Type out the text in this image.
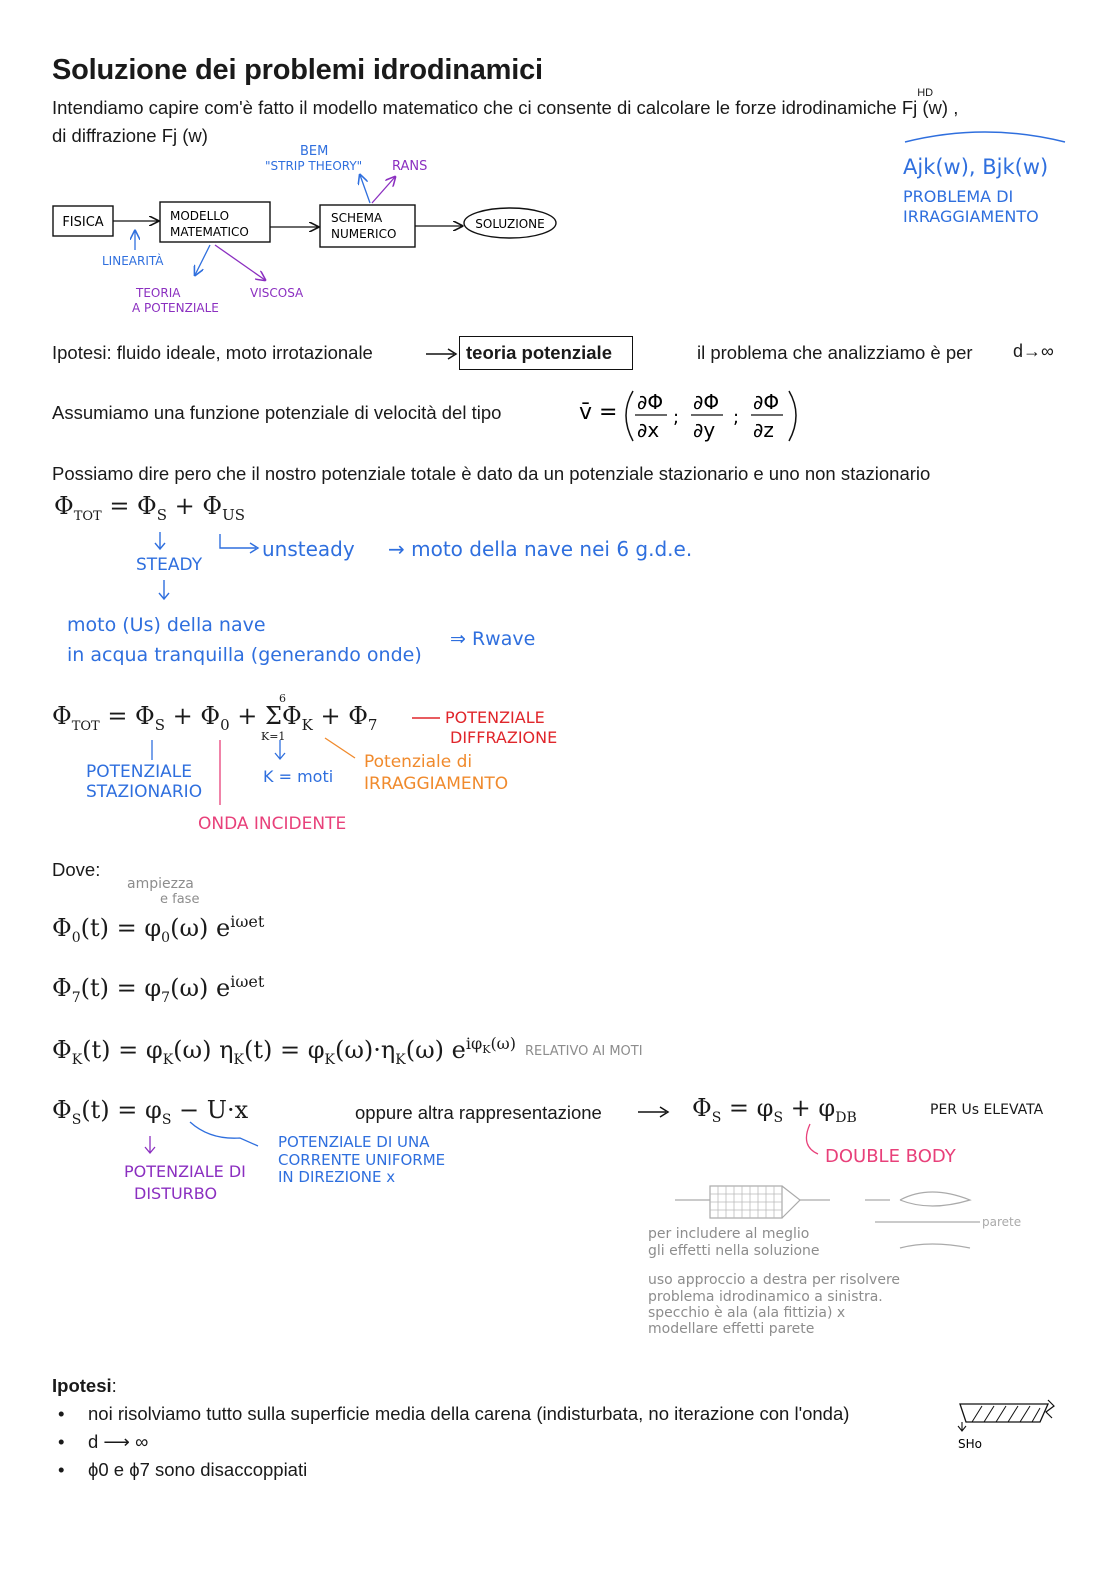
Soluzione dei problemi idrodinamici
Intendiamo capire com'è fatto il modello matematico che ci consente di calcolare le forze idrodinamiche Fj
HD
(w) ,
di diffrazione Fj (w)
Ajk(w), Bjk(w)
PROBLEMA DI
IRRAGGIAMENTO
FISICA	MODELLO
MATEMATICO
SCHEMA
NUMERICO
SOLUZIONE
BEM
"STRIP THEORY" RANS
LINEARITÀ
TEORIA
A POTENZIALE
VISCOSA
Ipotesi: fluido ideale, moto irrotazionale	teoria potenziale	il problema che analizziamo è per d→∞
Assumiamo una funzione potenziale di velocità del tipo	v̄ = ∂Φ
∂x
;
∂Φ
∂y
;
∂Φ
∂z
Possiamo dire pero che il nostro potenziale totale è dato da un potenziale stazionario e uno non stazionario
$\Phi_{TOT} = \Phi_S + \Phi_{US}$
unsteady → moto della nave nei 6 g.d.e.
STEADY
moto (Us) della nave
in acqua tranquilla (generando onde)
⇒ Rwave
$\Phi_{TOT} = \Phi_S + \Phi_0 + \Sigma$
6
K=1
$\Phi_K + \Phi_7$	POTENZIALE
DIFFRAZIONE
POTENZIALE
STAZIONARIO
K = moti
Potenziale di
IRRAGGIAMENTO
ONDA INCIDENTE
Dove:
ampiezza
e fase
$\Phi_0(t) = \varphi_0(\omega)$ $e^{i\omega et}$
$\Phi_7(t) = \varphi_7(\omega)$ $e^{i\omega et}$
$\Phi_K(t) = \varphi_K(\omega) \eta_K(t) = \varphi_K(\omega)\cdot\eta_K(\omega)$ $e^{i\varphi_K(\omega)}$ RELATIVO AI MOTI
$\Phi_S(t) = \varphi_S - U\cdot x$	oppure altra rappresentazione	$\Phi_S = \varphi_S + \varphi_{DB}$	PER Us ELEVATA
DOUBLE BODY
POTENZIALE DI
DISTURBO
POTENZIALE DI UNA
CORRENTE UNIFORME
IN DIREZIONE x
parete
per includere al meglio
gli effetti nella soluzione
uso approccio a destra per risolvere
problema idrodinamico a sinistra.
specchio è ala (ala fittizia) x
modellare effetti parete
Ipotesi:
• noi risolviamo tutto sulla superficie media della carena (indisturbata, no iterazione con l'onda)
• d ⟶ ∞
• ϕ0 e ϕ7 sono disaccoppiati
SHo
